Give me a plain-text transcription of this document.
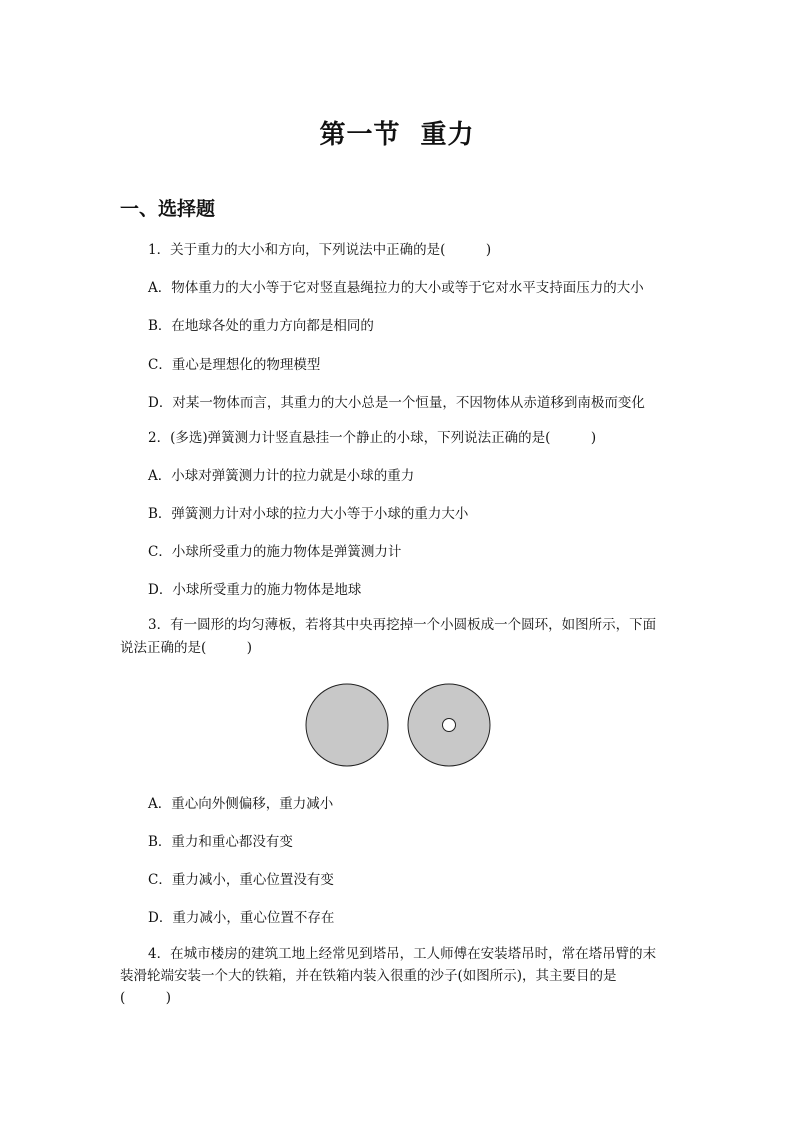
第一节  重力
一、选择题
1．关于重力的大小和方向，下列说法中正确的是(　　　)
A．物体重力的大小等于它对竖直悬绳拉力的大小或等于它对水平支持面压力的大小
B．在地球各处的重力方向都是相同的
C．重心是理想化的物理模型
D．对某一物体而言，其重力的大小总是一个恒量，不因物体从赤道移到南极而变化
2．(多选)弹簧测力计竖直悬挂一个静止的小球，下列说法正确的是(　　　)
A．小球对弹簧测力计的拉力就是小球的重力
B．弹簧测力计对小球的拉力大小等于小球的重力大小
C．小球所受重力的施力物体是弹簧测力计
D．小球所受重力的施力物体是地球
3．有一圆形的均匀薄板，若将其中央再挖掉一个小圆板成一个圆环，如图所示，下面
说法正确的是(　　　)
A．重心向外侧偏移，重力减小
B．重力和重心都没有变
C．重力减小，重心位置没有变
D．重力减小，重心位置不存在
4．在城市楼房的建筑工地上经常见到塔吊，工人师傅在安装塔吊时，常在塔吊臂的末
装滑轮端安装一个大的铁箱，并在铁箱内装入很重的沙子(如图所示)，其主要目的是
(　　　)
